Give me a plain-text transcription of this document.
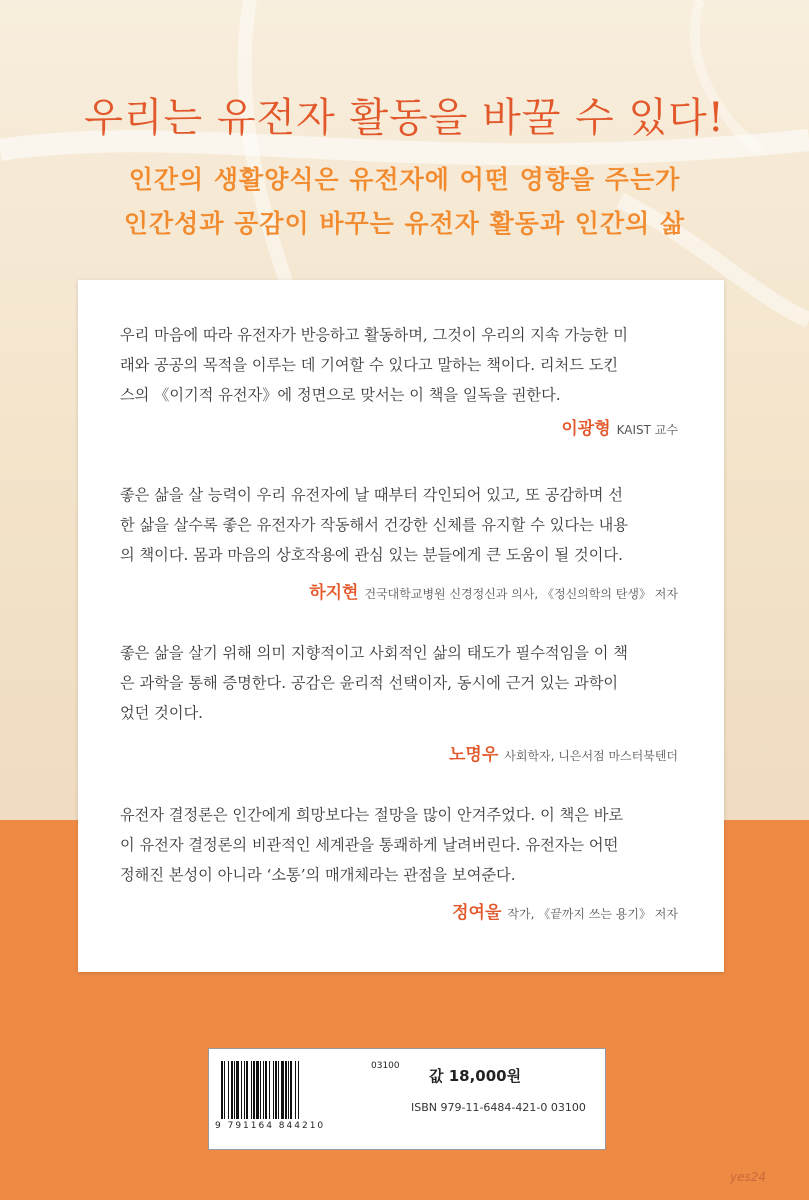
우리는 유전자 활동을 바꿀 수 있다!
인간의 생활양식은 유전자에 어떤 영향을 주는가
인간성과 공감이 바꾸는 유전자 활동과 인간의 삶

우리 마음에 따라 유전자가 반응하고 활동하며, 그것이 우리의 지속 가능한 미

래와 공공의 목적을 이루는 데 기여할 수 있다고 말하는 책이다. 리처드 도킨

스의 《이기적 유전자》에 정면으로 맞서는 이 책을 일독을 권한다.

이광형 KAIST 교수

좋은 삶을 살 능력이 우리 유전자에 날 때부터 각인되어 있고, 또 공감하며 선

한 삶을 살수록 좋은 유전자가 작동해서 건강한 신체를 유지할 수 있다는 내용

의 책이다. 몸과 마음의 상호작용에 관심 있는 분들에게 큰 도움이 될 것이다.

하지현 건국대학교병원 신경정신과 의사, 《정신의학의 탄생》 저자

좋은 삶을 살기 위해 의미 지향적이고 사회적인 삶의 태도가 필수적임을 이 책

은 과학을 통해 증명한다. 공감은 윤리적 선택이자, 동시에 근거 있는 과학이

었던 것이다.

노명우 사회학자, 니은서점 마스터북텐더

유전자 결정론은 인간에게 희망보다는 절망을 많이 안겨주었다. 이 책은 바로

이 유전자 결정론의 비관적인 세계관을 통쾌하게 날려버린다. 유전자는 어떤

정해진 본성이 아니라 ‘소통’의 매개체라는 관점을 보여준다.

정여울 작가, 《끝까지 쓰는 용기》 저자
03100
9 791164 844210
값 18,000원
ISBN 979-11-6484-421-0 03100
yes24
